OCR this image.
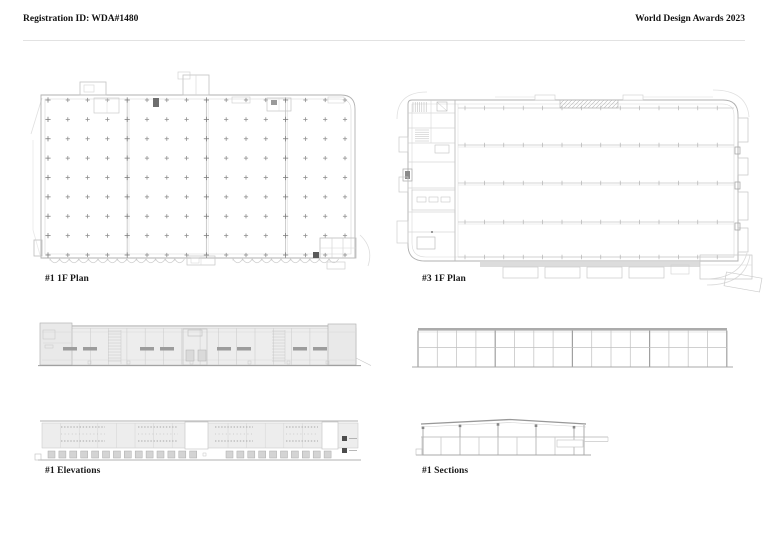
Registration ID: WDA#1480	World Design Awards 2023
#1 1F Plan	#3 1F Plan
#1 Elevations	#1 Sections
